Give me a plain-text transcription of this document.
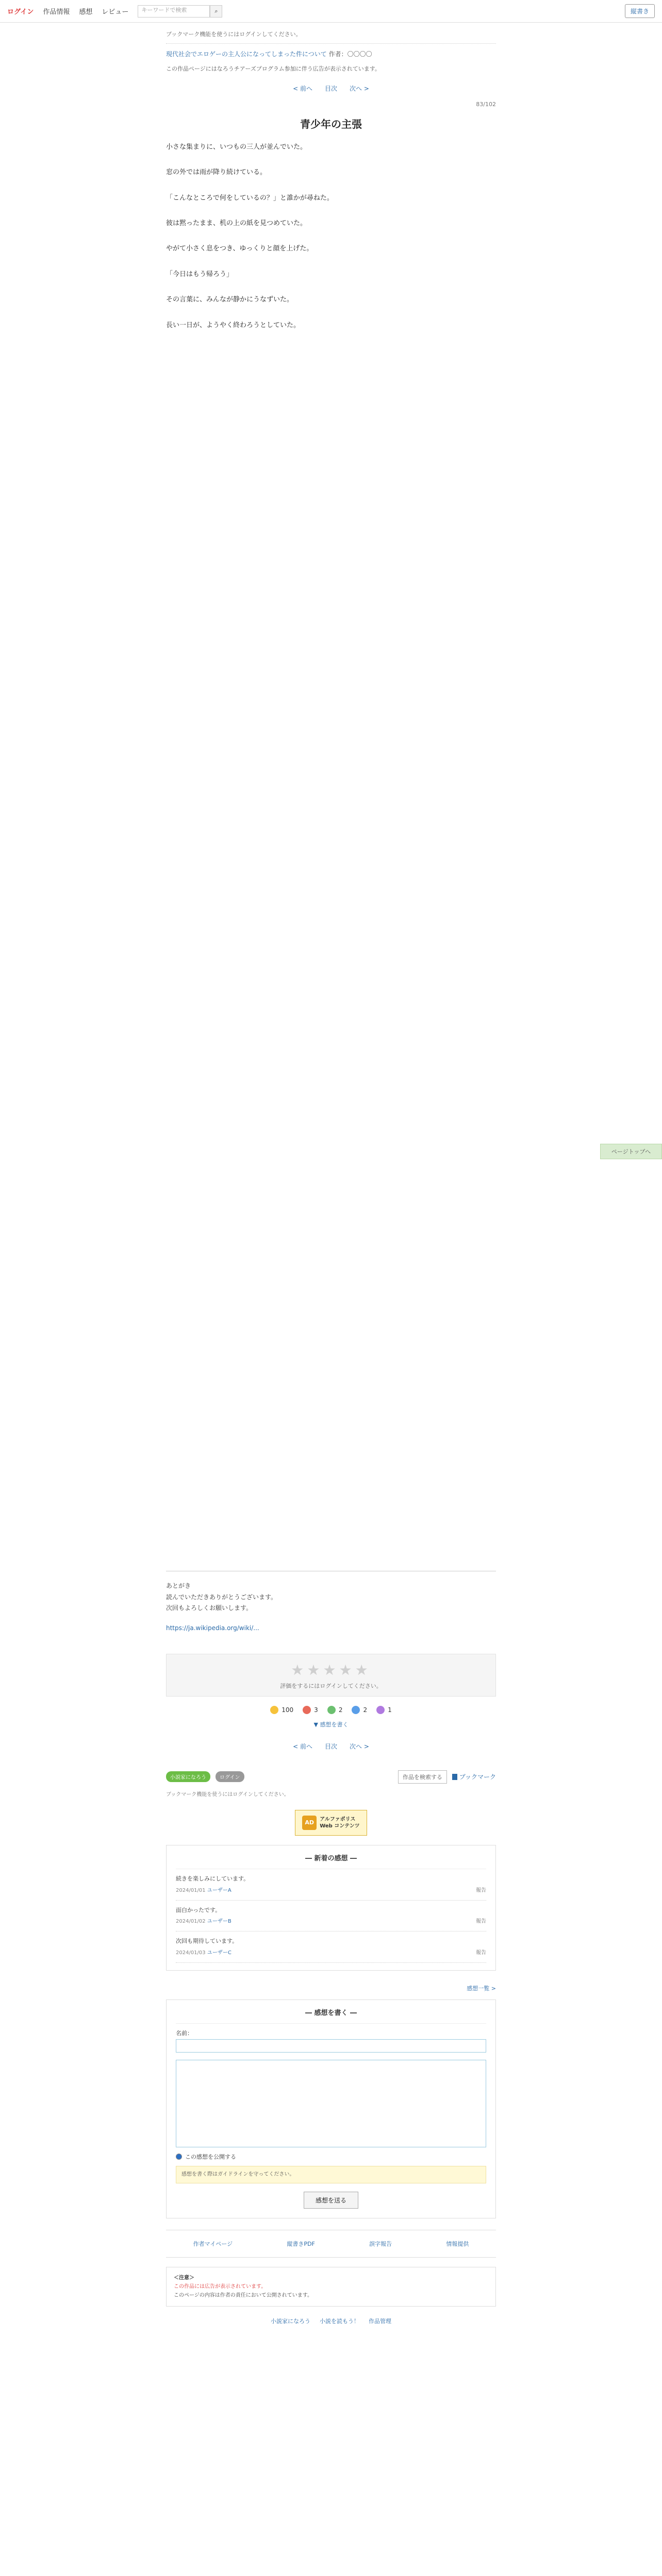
ログイン 作品情報 感想 レビュー	キーワードで検索	⌕	縦書き
ブックマーク機能を使うにはログインしてください。
現代社会でエロゲーの主人公になってしまった件について 作者：〇〇〇〇
この作品ページにはなろうチアーズプログラム参加に伴う広告が表示されています。
< 前へ 目次 次へ >
83/102
青少年の主張

小さな集まりに、いつもの三人が並んでいた。

窓の外では雨が降り続けている。

「こんなところで何をしているの？」と誰かが尋ねた。

彼は黙ったまま、机の上の紙を見つめていた。

やがて小さく息をつき、ゆっくりと顔を上げた。

「今日はもう帰ろう」

その言葉に、みんなが静かにうなずいた。

長い一日が、ようやく終わろうとしていた。

あとがき
読んでいただきありがとうございます。
次回もよろしくお願いします。
https://ja.wikipedia.org/wiki/...
★★★★★
評価をするにはログインしてください。
100	3	2	2	1
▼ 感想を書く
< 前へ 目次 次へ >
小説家になろう	ログイン	作品を検索する	ブックマーク
ブックマーク機能を使うにはログインしてください。
AD	アルファポリス
Web コンテンツ
― 新着の感想 ―
続きを楽しみにしています。
2024/01/01 ユーザーA	報告
面白かったです。
2024/01/02 ユーザーB	報告
次回も期待しています。
2024/01/03 ユーザーC	報告
感想一覧 >
― 感想を書く ―
名前：
この感想を公開する
感想を書く際はガイドラインを守ってください。
感想を送る
作者マイページ	縦書きPDF	誤字報告	情報提供
＜注意＞
この作品には広告が表示されています。
このページの内容は作者の責任において公開されています。
小説家になろう 小説を読もう！ 作品管理
ページトップへ
